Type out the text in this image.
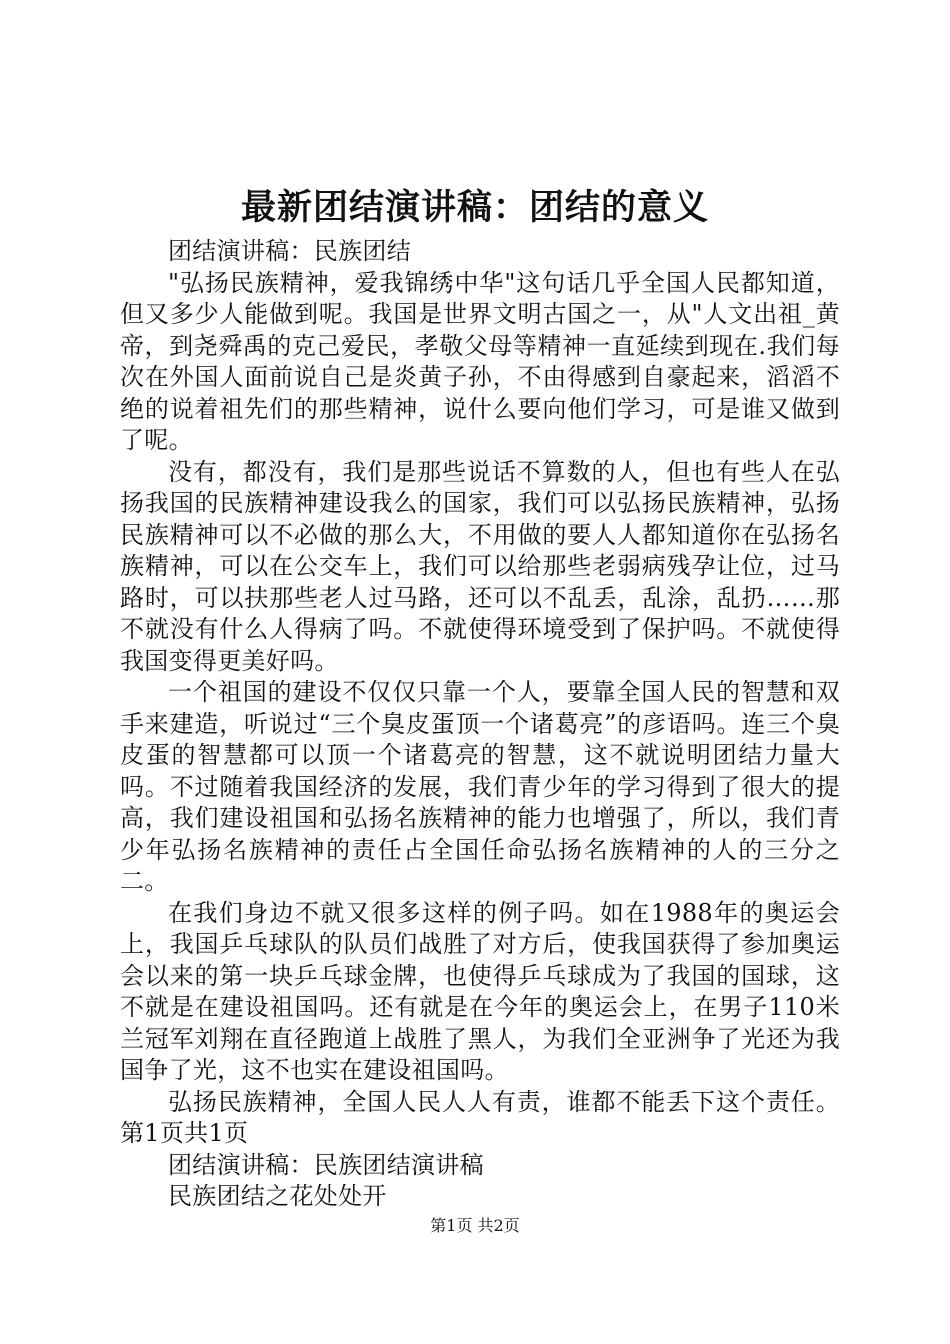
最新团结演讲稿：团结的意义

团结演讲稿：民族团结

"弘扬民族精神，爱我锦绣中华"这句话几乎全国人民都知道，但又多少人能做到呢。我国是世界文明古国之一，从"人文出祖_黄帝，到尧舜禹的克己爱民，孝敬父母等精神一直延续到现在.我们每次在外国人面前说自己是炎黄子孙，不由得感到自豪起来，滔滔不绝的说着祖先们的那些精神，说什么要向他们学习，可是谁又做到了呢。

没有，都没有，我们是那些说话不算数的人，但也有些人在弘扬我国的民族精神建设我么的国家，我们可以弘扬民族精神，弘扬民族精神可以不必做的那么大，不用做的要人人都知道你在弘扬名族精神，可以在公交车上，我们可以给那些老弱病残孕让位，过马路时，可以扶那些老人过马路，还可以不乱丢，乱涂，乱扔……那不就没有什么人得病了吗。不就使得环境受到了保护吗。不就使得我国变得更美好吗。

一个祖国的建设不仅仅只靠一个人，要靠全国人民的智慧和双手来建造，听说过“三个臭皮蛋顶一个诸葛亮”的彦语吗。连三个臭皮蛋的智慧都可以顶一个诸葛亮的智慧，这不就说明团结力量大吗。不过随着我国经济的发展，我们青少年的学习得到了很大的提高，我们建设祖国和弘扬名族精神的能力也增强了，所以，我们青少年弘扬名族精神的责任占全国任命弘扬名族精神的人的三分之二。

在我们身边不就又很多这样的例子吗。如在1988年的奥运会上，我国乒乓球队的队员们战胜了对方后，使我国获得了参加奥运会以来的第一块乒乓球金牌，也使得乒乓球成为了我国的国球，这不就是在建设祖国吗。还有就是在今年的奥运会上，在男子110米兰冠军刘翔在直径跑道上战胜了黑人，为我们全亚洲争了光还为我国争了光，这不也实在建设祖国吗。

弘扬民族精神，全国人民人人有责，谁都不能丢下这个责任。第1页共1页

团结演讲稿：民族团结演讲稿

民族团结之花处处开

第1页 共2页
